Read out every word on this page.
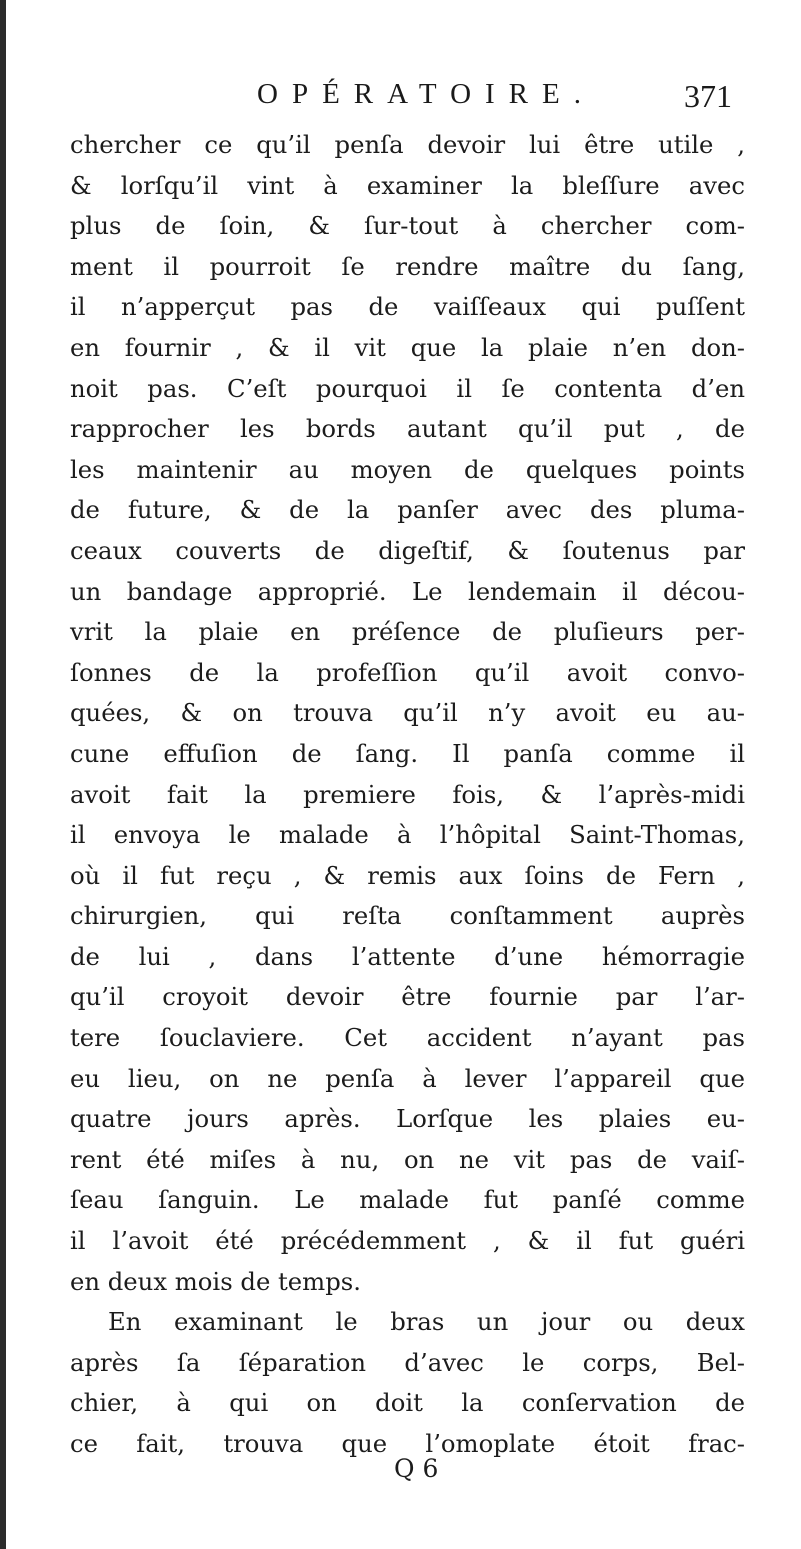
OPÉRATOIRE.	371
chercher ce qu’il penſa devoir lui être utile ,
& lorſqu’il vint à examiner la bleſſure avec
plus de ſoin, & ſur-tout à chercher com-
ment il pourroit ſe rendre maître du ſang,
il n’apperçut pas de vaiſſeaux qui puſſent
en fournir , & il vit que la plaie n’en don-
noit pas. C’eſt pourquoi il ſe contenta d’en
rapprocher les bords autant qu’il put , de
les maintenir au moyen de quelques points
de future, & de la panſer avec des pluma-
ceaux couverts de digeſtif, & ſoutenus par
un bandage approprié. Le lendemain il décou-
vrit la plaie en préſence de pluſieurs per-
ſonnes de la profeſſion qu’il avoit convo-
quées, & on trouva qu’il n’y avoit eu au-
cune effuſion de ſang. Il panſa comme il
avoit fait la premiere fois, & l’après-midi
il envoya le malade à l’hôpital Saint-Thomas,
où il fut reçu , & remis aux ſoins de Fern ,
chirurgien, qui reſta conſtamment auprès
de lui , dans l’attente d’une hémorragie
qu’il croyoit devoir être fournie par l’ar-
tere ſouclaviere. Cet accident n’ayant pas
eu lieu, on ne penſa à lever l’appareil que
quatre jours après. Lorſque les plaies eu-
rent été miſes à nu, on ne vit pas de vaiſ-
ſeau ſanguin. Le malade fut panſé comme
il l’avoit été précédemment , & il fut guéri
en deux mois de temps.
En examinant le bras un jour ou deux
après ſa ſéparation d’avec le corps, Bel-
chier, à qui on doit la conſervation de
ce fait, trouva que l’omoplate étoit frac-
Q 6
